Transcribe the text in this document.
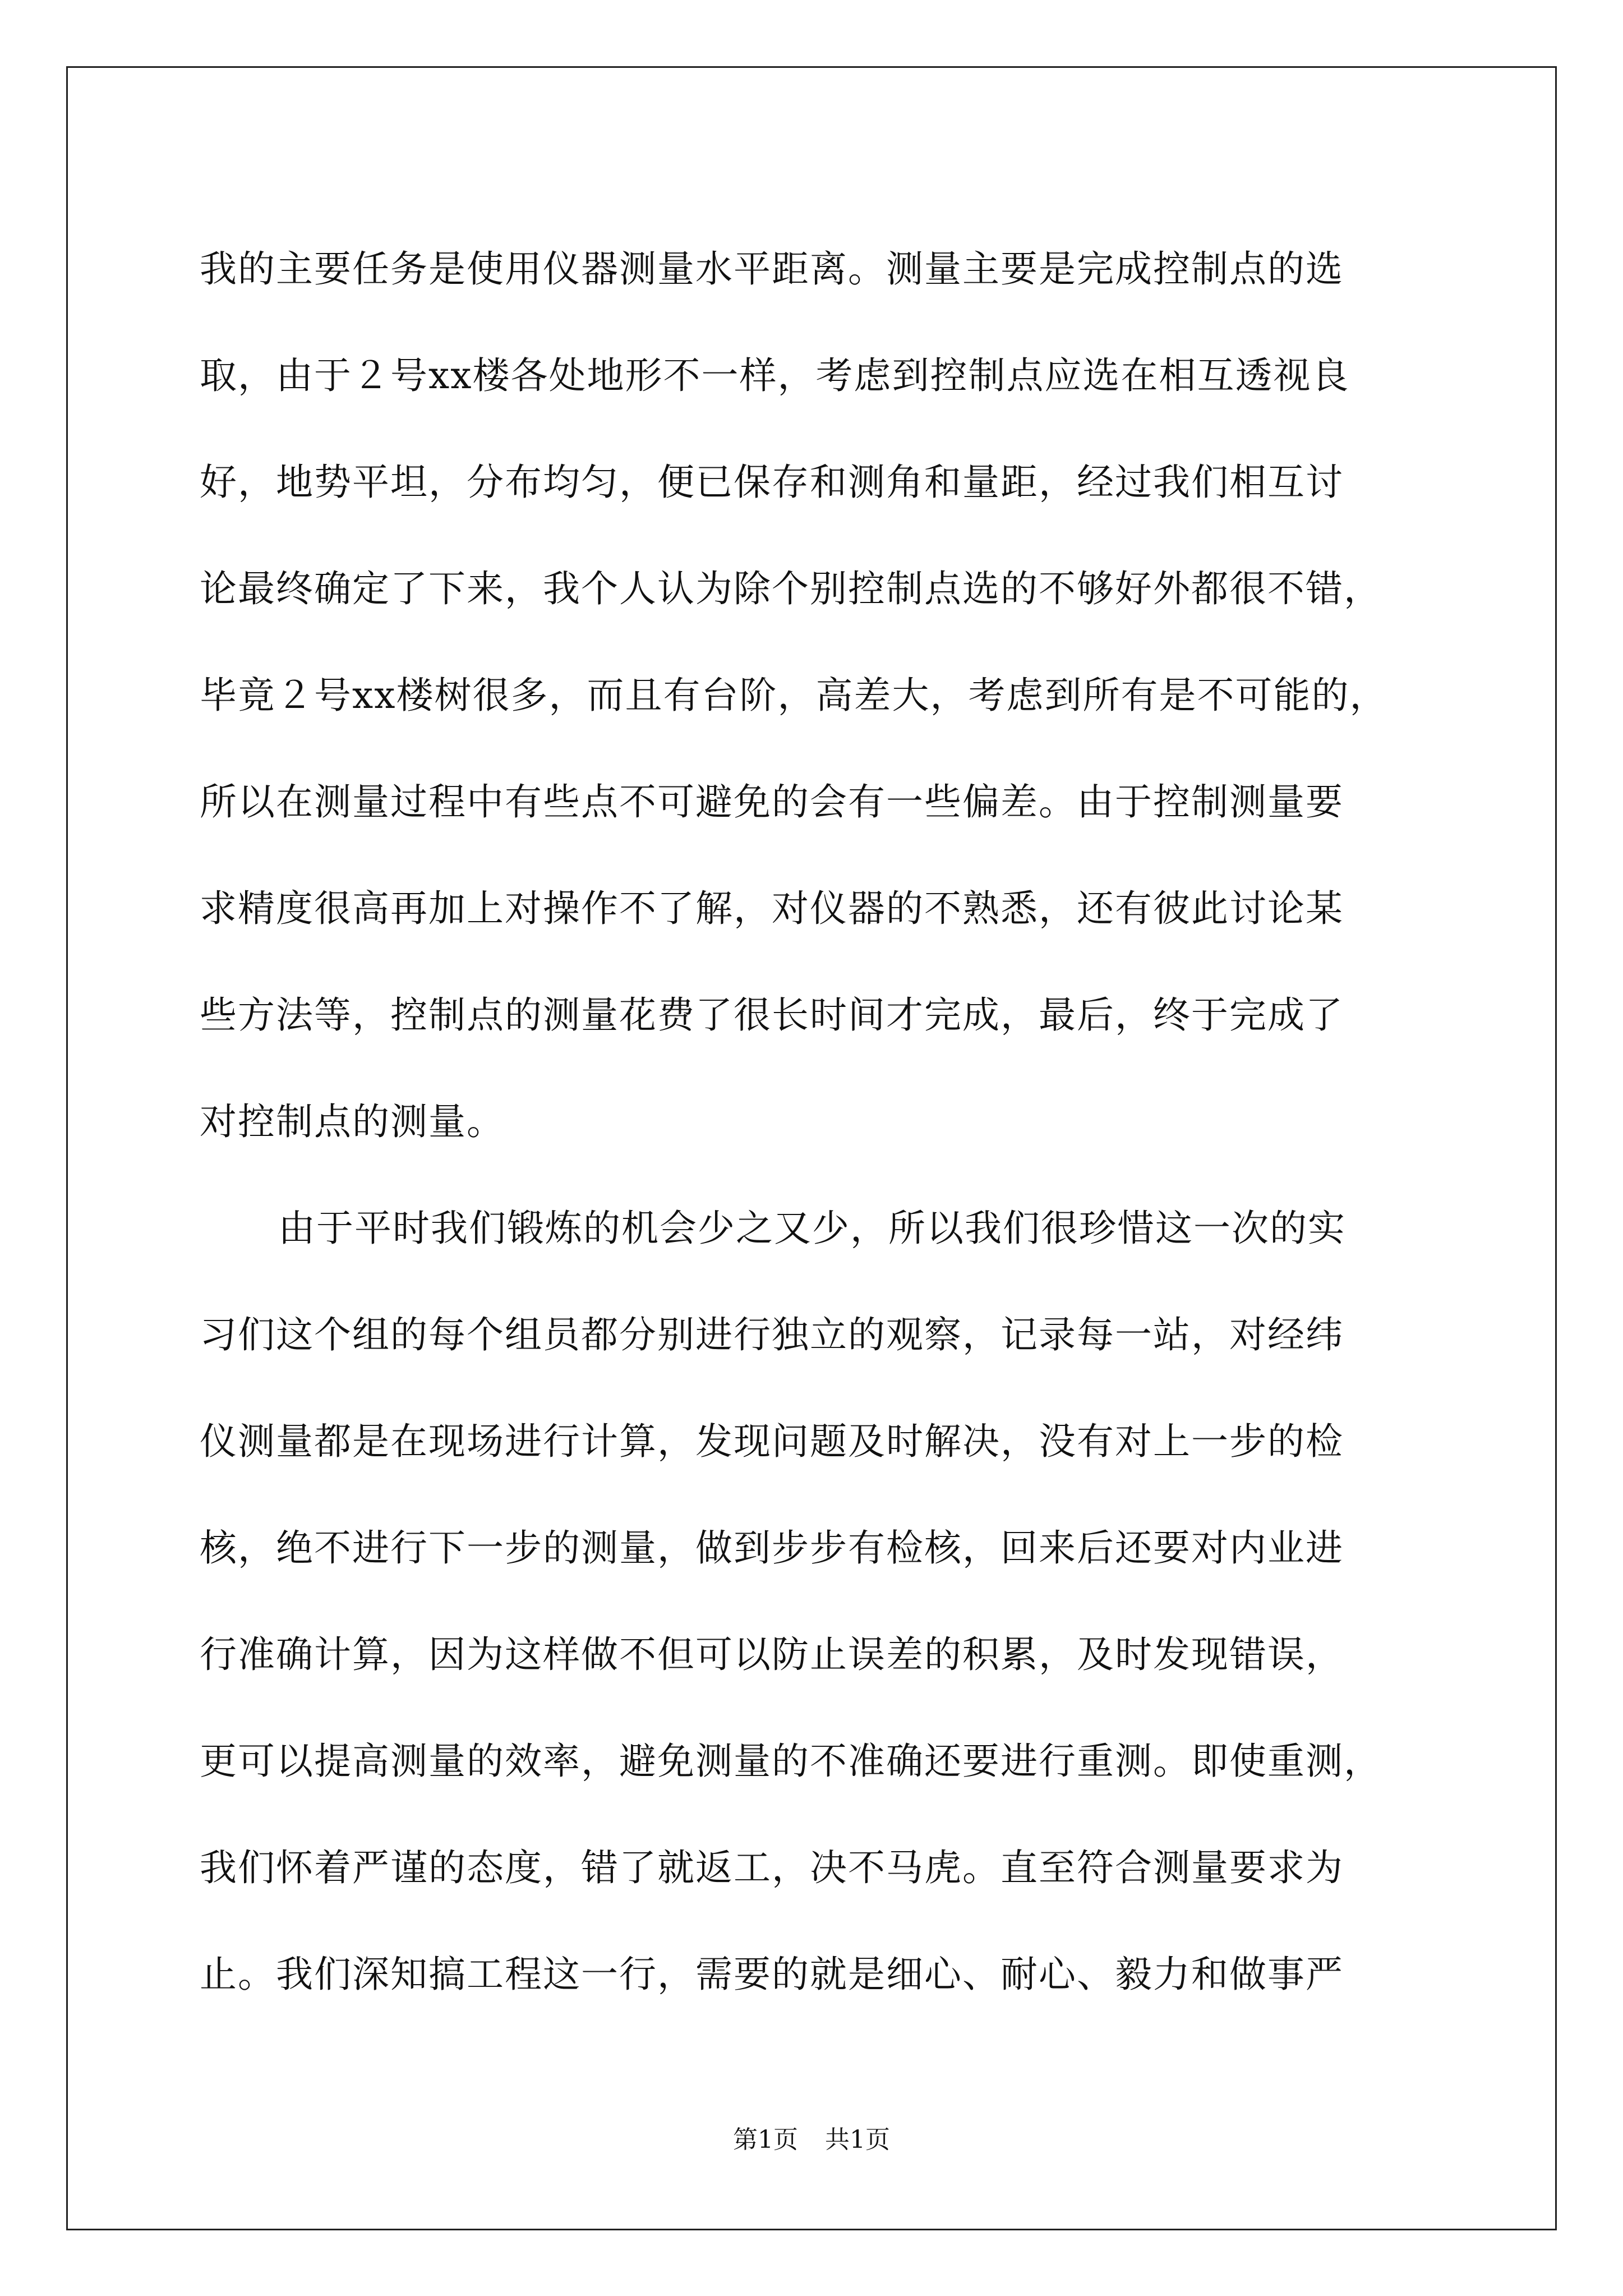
我的主要任务是使用仪器测量水平距离。测量主要是完成控制点的选
取，由于２号xx楼各处地形不一样，考虑到控制点应选在相互透视良
好，地势平坦，分布均匀，便已保存和测角和量距，经过我们相互讨
论最终确定了下来，我个人认为除个别控制点选的不够好外都很不错，
毕竟２号xx楼树很多，而且有台阶，高差大，考虑到所有是不可能的，
所以在测量过程中有些点不可避免的会有一些偏差。由于控制测量要
求精度很高再加上对操作不了解，对仪器的不熟悉，还有彼此讨论某
些方法等，控制点的测量花费了很长时间才完成，最后，终于完成了
对控制点的测量。
由于平时我们锻炼的机会少之又少，所以我们很珍惜这一次的实
习们这个组的每个组员都分别进行独立的观察，记录每一站，对经纬
仪测量都是在现场进行计算，发现问题及时解决，没有对上一步的检
核，绝不进行下一步的测量，做到步步有检核，回来后还要对内业进
行准确计算，因为这样做不但可以防止误差的积累，及时发现错误，
更可以提高测量的效率，避免测量的不准确还要进行重测。即使重测，
我们怀着严谨的态度，错了就返工，决不马虎。直至符合测量要求为
止。我们深知搞工程这一行，需要的就是细心、耐心、毅力和做事严
第1页 共1页
